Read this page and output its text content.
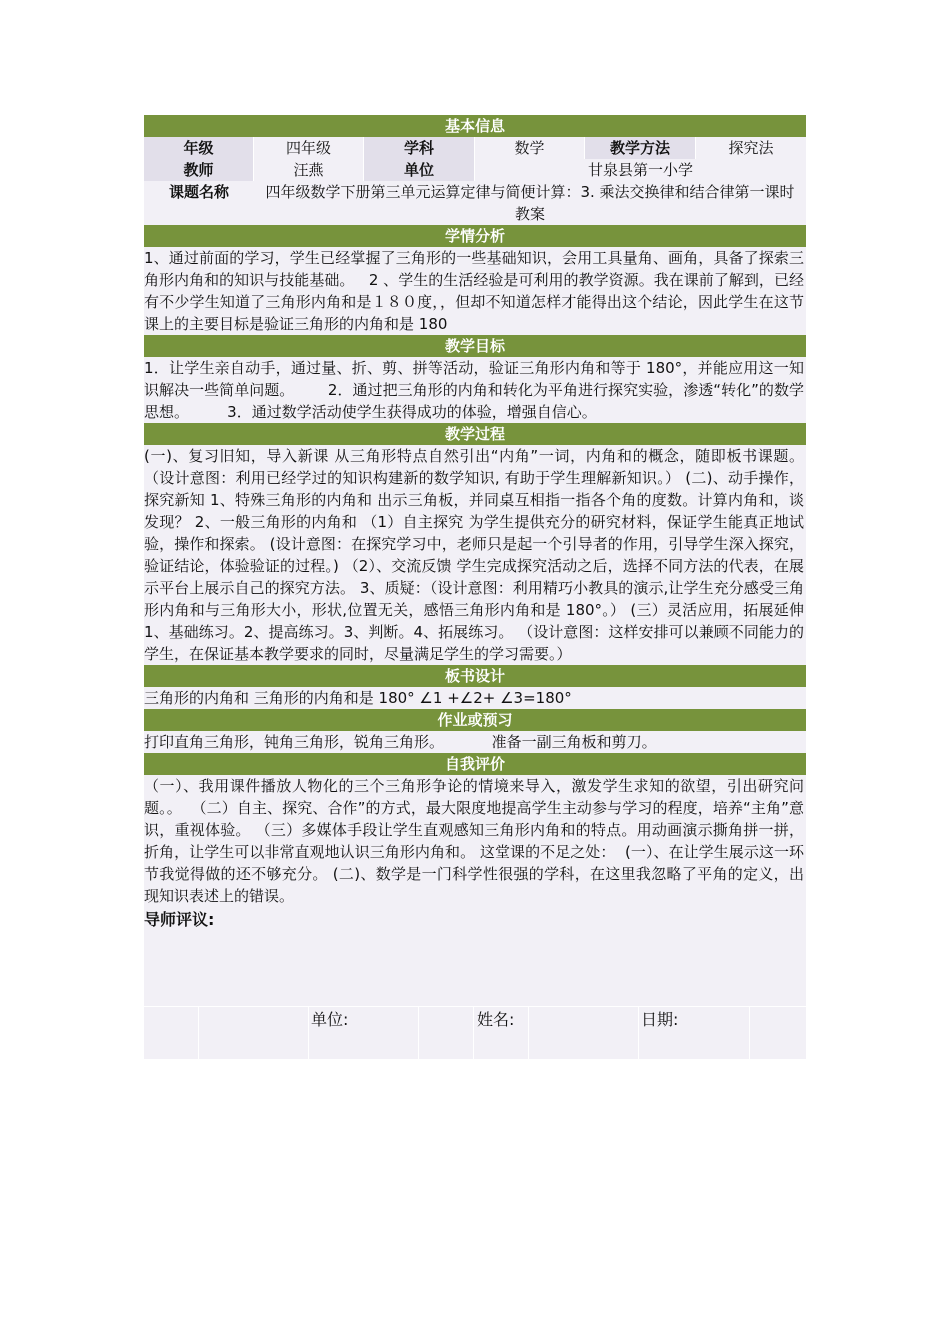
基本信息
年级	四年级	学科	数学	教学方法	探究法
教师	汪燕	单位	甘泉县第一小学
课题名称	四年级数学下册第三单元运算定律与简便计算：3. 乘法交换律和结合律第一课时教案
学情分析
1、通过前面的学习，学生已经掌握了三角形的一些基础知识，会用工具量角、画角，具备了探索三角形内角和的知识与技能基础。   2 、学生的生活经验是可利用的教学资源。我在课前了解到，已经有不少学生知道了三角形内角和是１８０度，，但却不知道怎样才能得出这个结论，因此学生在这节课上的主要目标是验证三角形的内角和是 180
教学目标
1．让学生亲自动手，通过量、折、剪、拼等活动，验证三角形内角和等于 180°，并能应用这一知识解决一些简单问题。       2．通过把三角形的内角和转化为平角进行探究实验，渗透“转化”的数学思想。        3．通过数学活动使学生获得成功的体验，增强自信心。
教学过程
(一)、复习旧知，导入新课 从三角形特点自然引出“内角”一词，内角和的概念，随即板书课题。 （设计意图：利用已经学过的知识构建新的数学知识, 有助于学生理解新知识。） (二)、动手操作，探究新知 1、特殊三角形的内角和 出示三角板，并同桌互相指一指各个角的度数。计算内角和，谈发现？ 2、一般三角形的内角和 （1）自主探究 为学生提供充分的研究材料，保证学生能真正地试验，操作和探索。 (设计意图：在探究学习中，老师只是起一个引导者的作用，引导学生深入探究，验证结论，体验验证的过程。) （2）、交流反馈 学生完成探究活动之后，选择不同方法的代表，在展示平台上展示自己的探究方法。 3、质疑：（设计意图：利用精巧小教具的演示,让学生充分感受三角形内角和与三角形大小，形状,位置无关，感悟三角形内角和是 180°。） (三）灵活应用，拓展延伸 1、基础练习。2、提高练习。3、判断。4、拓展练习。 （设计意图：这样安排可以兼顾不同能力的学生，在保证基本教学要求的同时，尽量满足学生的学习需要。）
板书设计
三角形的内角和 三角形的内角和是 180° ∠1 +∠2+ ∠3=180°
作业或预习
打印直角三角形，钝角三角形，锐角三角形。          准备一副三角板和剪刀。
自我评价
（一）、我用课件播放人物化的三个三角形争论的情境来导入，激发学生求知的欲望，引出研究问题。。  （二）自主、探究、合作”的方式，最大限度地提高学生主动参与学习的程度，培养“主角”意识，重视体验。 （三）多媒体手段让学生直观感知三角形内角和的特点。用动画演示撕角拼一拼，折角，让学生可以非常直观地认识三角形内角和。 这堂课的不足之处：  (一）、在让学生展示这一环节我觉得做的还不够充分。 (二)、数学是一门科学性很强的学科，在这里我忽略了平角的定义，出现知识表述上的错误。
导师评议:
单位:	姓名:	日期:
